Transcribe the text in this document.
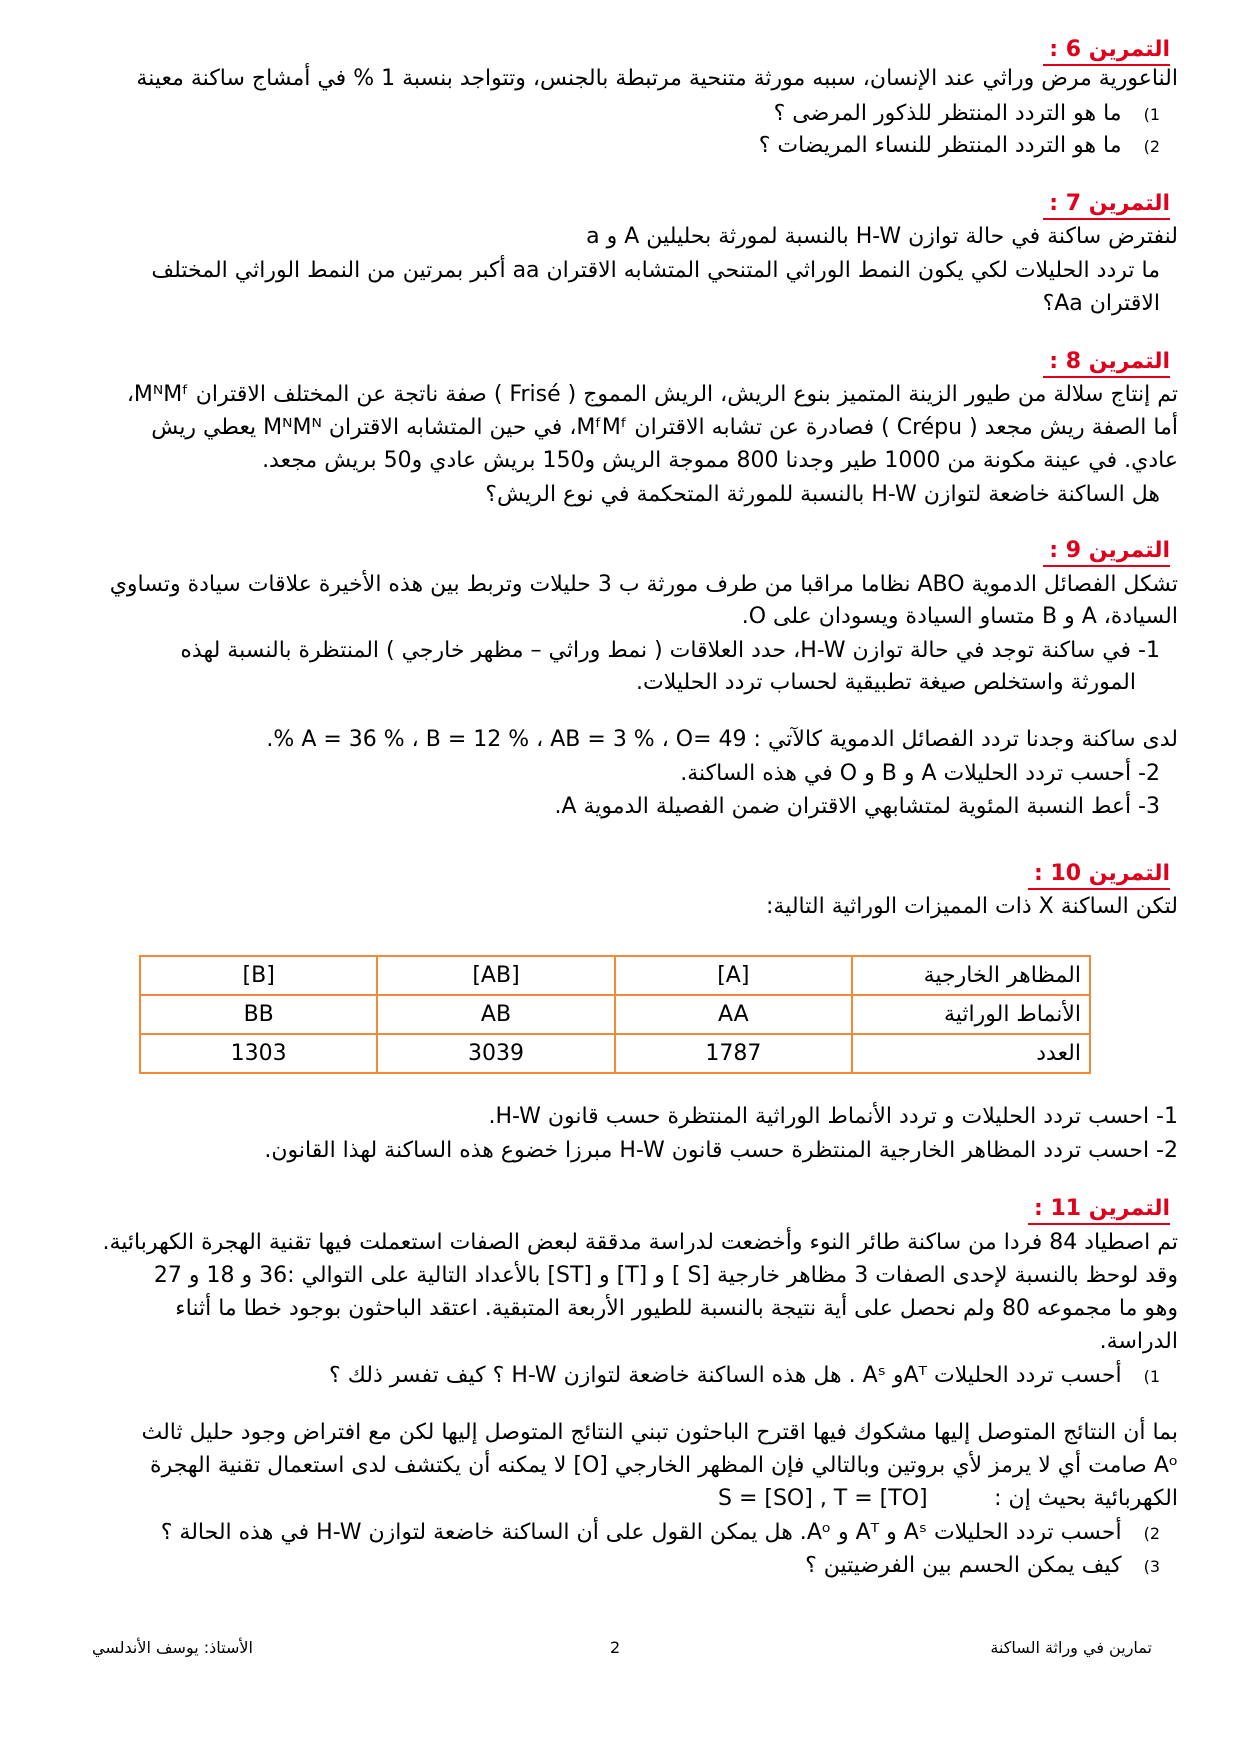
التمرين 6 :
الناعورية مرض وراثي عند الإنسان، سببه مورثة متنحية مرتبطة بالجنس، وتتواجد بنسبة 1 % في أمشاج ساكنة معينة
1)ما هو التردد المنتظر للذكور المرضى ؟
2)ما هو التردد المنتظر للنساء المريضات ؟
التمرين 7 :
لنفترض ساكنة في حالة توازن H-W بالنسبة لمورثة بحليلين A و a
ما تردد الحليلات لكي يكون النمط الوراثي المتنحي المتشابه الاقتران aa أكبر بمرتين من النمط الوراثي المختلف
الاقتران Aa؟
التمرين 8 :
تم إنتاج سلالة من طيور الزينة المتميز بنوع الريش، الريش المموج ( Frisé ) صفة ناتجة عن المختلف الاقتران MᴺMᶠ،
أما الصفة ريش مجعد ( Crépu ) فصادرة عن تشابه الاقتران MᶠMᶠ، في حين المتشابه الاقتران MᴺMᴺ يعطي ريش
عادي. في عينة مكونة من 1000 طير وجدنا 800 مموجة الريش و150 بريش عادي و50 بريش مجعد.
هل الساكنة خاضعة لتوازن H-W بالنسبة للمورثة المتحكمة في نوع الريش؟
التمرين 9 :
تشكل الفصائل الدموية ABO نظاما مراقبا من طرف مورثة ب 3 حليلات وتربط بين هذه الأخيرة علاقات سيادة وتساوي
السيادة، A و B متساو السيادة ويسودان على O.
1- في ساكنة توجد في حالة توازن H-W، حدد العلاقات ( نمط وراثي – مظهر خارجي ) المنتظرة بالنسبة لهذه
المورثة واستخلص صيغة تطبيقية لحساب تردد الحليلات.
لدى ساكنة وجدنا تردد الفصائل الدموية كالآتي : A = 36 % ، B = 12 % ، AB = 3 % ، O= 49 %.
2- أحسب تردد الحليلات A و B و O في هذه الساكنة.
3- أعط النسبة المئوية لمتشابهي الاقتران ضمن الفصيلة الدموية A.
التمرين 10 :
لتكن الساكنة X ذات المميزات الوراثية التالية:
المظاهر الخارجية	[A]	[AB]	[B]
الأنماط الوراثية	AA	AB	BB
العدد	1787	3039	1303
1- احسب تردد الحليلات و تردد الأنماط الوراثية المنتظرة حسب قانون H-W.
2- احسب تردد المظاهر الخارجية المنتظرة حسب قانون H-W مبرزا خضوع هذه الساكنة لهذا القانون.
التمرين 11 :
تم اصطياد 84 فردا من ساكنة طائر النوء وأخضعت لدراسة مدققة لبعض الصفات استعملت فيها تقنية الهجرة الكهربائية.
وقد لوحظ بالنسبة لإحدى الصفات 3 مظاهر خارجية [S ] و [T] و [ST] بالأعداد التالية على التوالي :36 و 18 و 27
وهو ما مجموعه 80 ولم نحصل على أية نتيجة بالنسبة للطيور الأربعة المتبقية. اعتقد الباحثون بوجود خطا ما أثناء
الدراسة.
1)أحسب تردد الحليلات Aᵀو Aˢ . هل هذه الساكنة خاضعة لتوازن H-W ؟ كيف تفسر ذلك ؟
بما أن النتائج المتوصل إليها مشكوك فيها اقترح الباحثون تبني النتائج المتوصل إليها لكن مع افتراض وجود حليل ثالث
Aᵒ صامت أي لا يرمز لأي بروتين وبالتالي فإن المظهر الخارجي [O] لا يمكنه أن يكتشف لدى استعمال تقنية الهجرة
الكهربائية بحيث إن :
S = [SO] , T = [TO]
2)أحسب تردد الحليلات Aˢ و Aᵀ و Aᵒ. هل يمكن القول على أن الساكنة خاضعة لتوازن H-W في هذه الحالة ؟
3)كيف يمكن الحسم بين الفرضيتين ؟
تمارين في وراثة الساكنة
2
الأستاذ: يوسف الأندلسي
